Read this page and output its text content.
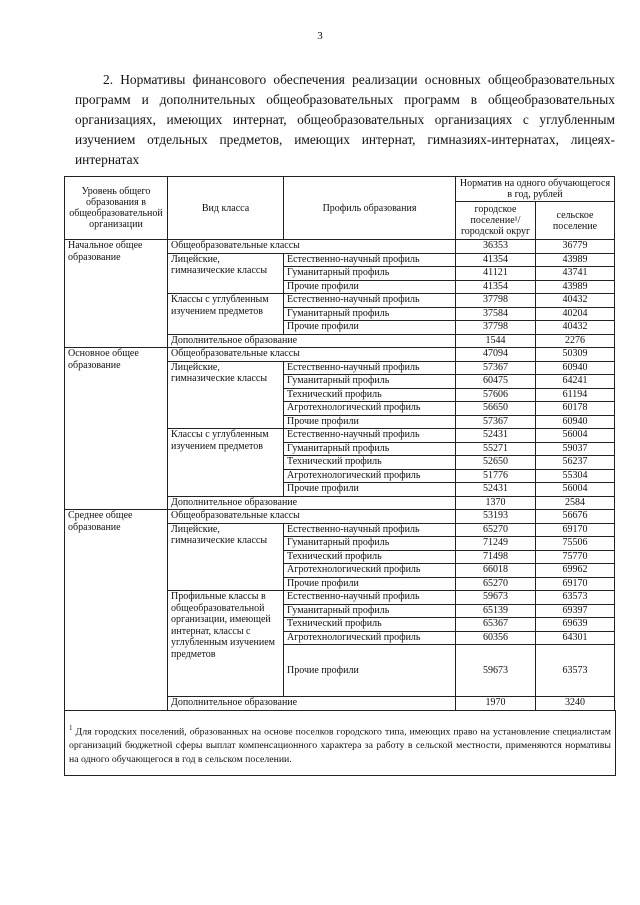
3

2. Нормативы финансового обеспечения реализации основных общеобразовательных программ и дополнительных общеобразовательных программ в общеобразовательных организациях, имеющих интернат, общеобразовательных организациях с углубленным изучением отдельных предметов, имеющих интернат, гимназиях-интернатах, лицеях-интернатах

Уровень общего образования в общеобразовательной организации	Вид класса	Профиль образования	Норматив на одного обучающегося в год, рублей	
			городское поселение¹/ городской округ	сельское поселение
Начальное общее образование	Общеобразовательные классы		36353	36779
	Лицейские, гимназические классы	Естественно-научный профиль	41354	43989
		Гуманитарный профиль	41121	43741
		Прочие профили	41354	43989
	Классы с углубленным изучением предметов	Естественно-научный профиль	37798	40432
		Гуманитарный профиль	37584	40204
		Прочие профили	37798	40432
	Дополнительное образование		1544	2276
Основное общее образование	Общеобразовательные классы		47094	50309
	Лицейские, гимназические классы	Естественно-научный профиль	57367	60940
		Гуманитарный профиль	60475	64241
		Технический профиль	57606	61194
		Агротехнологический профиль	56650	60178
		Прочие профили	57367	60940
	Классы с углубленным изучением предметов	Естественно-научный профиль	52431	56004
		Гуманитарный профиль	55271	59037
		Технический профиль	52650	56237
		Агротехнологический профиль	51776	55304
		Прочие профили	52431	56004
	Дополнительное образование		1370	2584
Среднее общее образование	Общеобразовательные классы		53193	56676
	Лицейские, гимназические классы	Естественно-научный профиль	65270	69170
		Гуманитарный профиль	71249	75506
		Технический профиль	71498	75770
		Агротехнологический профиль	66018	69962
		Прочие профили	65270	69170
	Профильные классы в общеобразовательной организации, имеющей интернат, классы с углубленным изучением предметов	Естественно-научный профиль	59673	63573
		Гуманитарный профиль	65139	69397
		Технический профиль	65367	69639
		Агротехнологический профиль	60356	64301
		Прочие профили	59673	63573
	Дополнительное образование		1970	3240
$^1$ Для городских поселений, образованных на основе поселков городского типа, имеющих право на установление специалистам организаций бюджетной сферы выплат компенсационного характера за работу в сельской местности, применяются нормативы на одного обучающегося в год в сельском поселении.
